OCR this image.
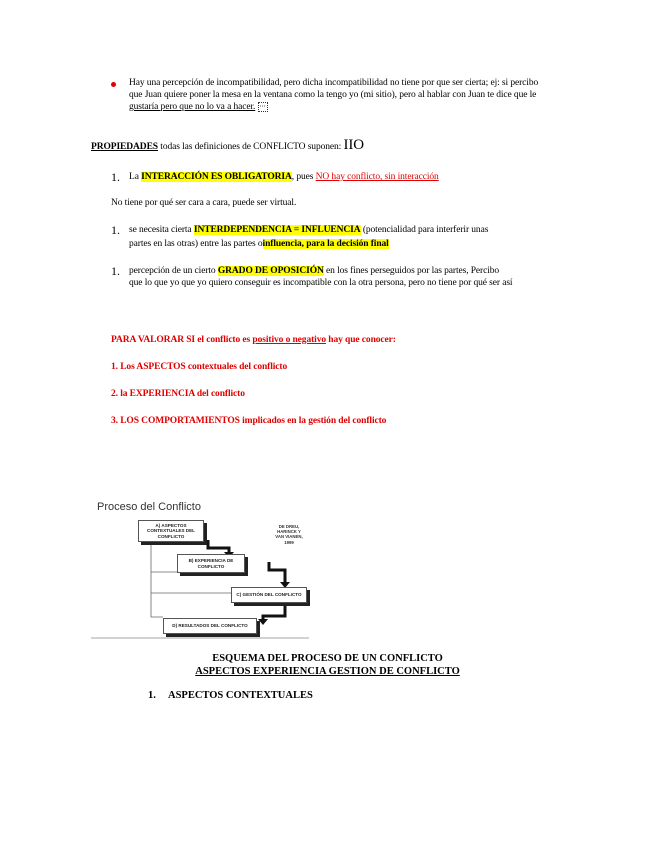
Hay una percepción de incompatibilidad, pero dicha incompatibilidad no tiene por que ser cierta; ej: si percibo
que Juan quiere poner la mesa en la ventana como la tengo yo (mi sitio), pero al hablar con Juan te dice que le
gustaría pero que no lo va a hacer. ⋯
PROPIEDADES todas las definiciones de CONFLICTO suponen: IIO
1. La INTERACCIÓN ES OBLIGATORIA, pues NO hay conflicto, sin interacción
No tiene por qué ser cara a cara, puede ser virtual.
1. se necesita cierta INTERDEPENDENCIA = INFLUENCIA (potencialidad para interferir unas
partes en las otras) entre las partes oinfluencia, para la decisión final
1. percepción de un cierto GRADO DE OPOSICIÓN en los fines perseguidos por las partes, Percibo
que lo que yo que yo quiero conseguir es incompatible con la otra persona, pero no tiene por qué ser así
PARA VALORAR SI el conflicto es positivo o negativo hay que conocer:
1. Los ASPECTOS contextuales del conflicto
2. la EXPERIENCIA del conflicto
3. LOS COMPORTAMIENTOS implicados en la gestión del conflicto
Proceso del Conflicto
A) ASPECTOS CONTEXTUALES DEL CONFLICTO
B) EXPERIENCIA DE CONFLICTO
C) GESTIÓN DEL CONFLICTO
D) RESULTADOS DEL CONFLICTO
DE DREU, HARINCK Y VAN VIANEN, 1999
ESQUEMA DEL PROCESO DE UN CONFLICTO
ASPECTOS EXPERIENCIA GESTION DE CONFLICTO
1. ASPECTOS CONTEXTUALES
